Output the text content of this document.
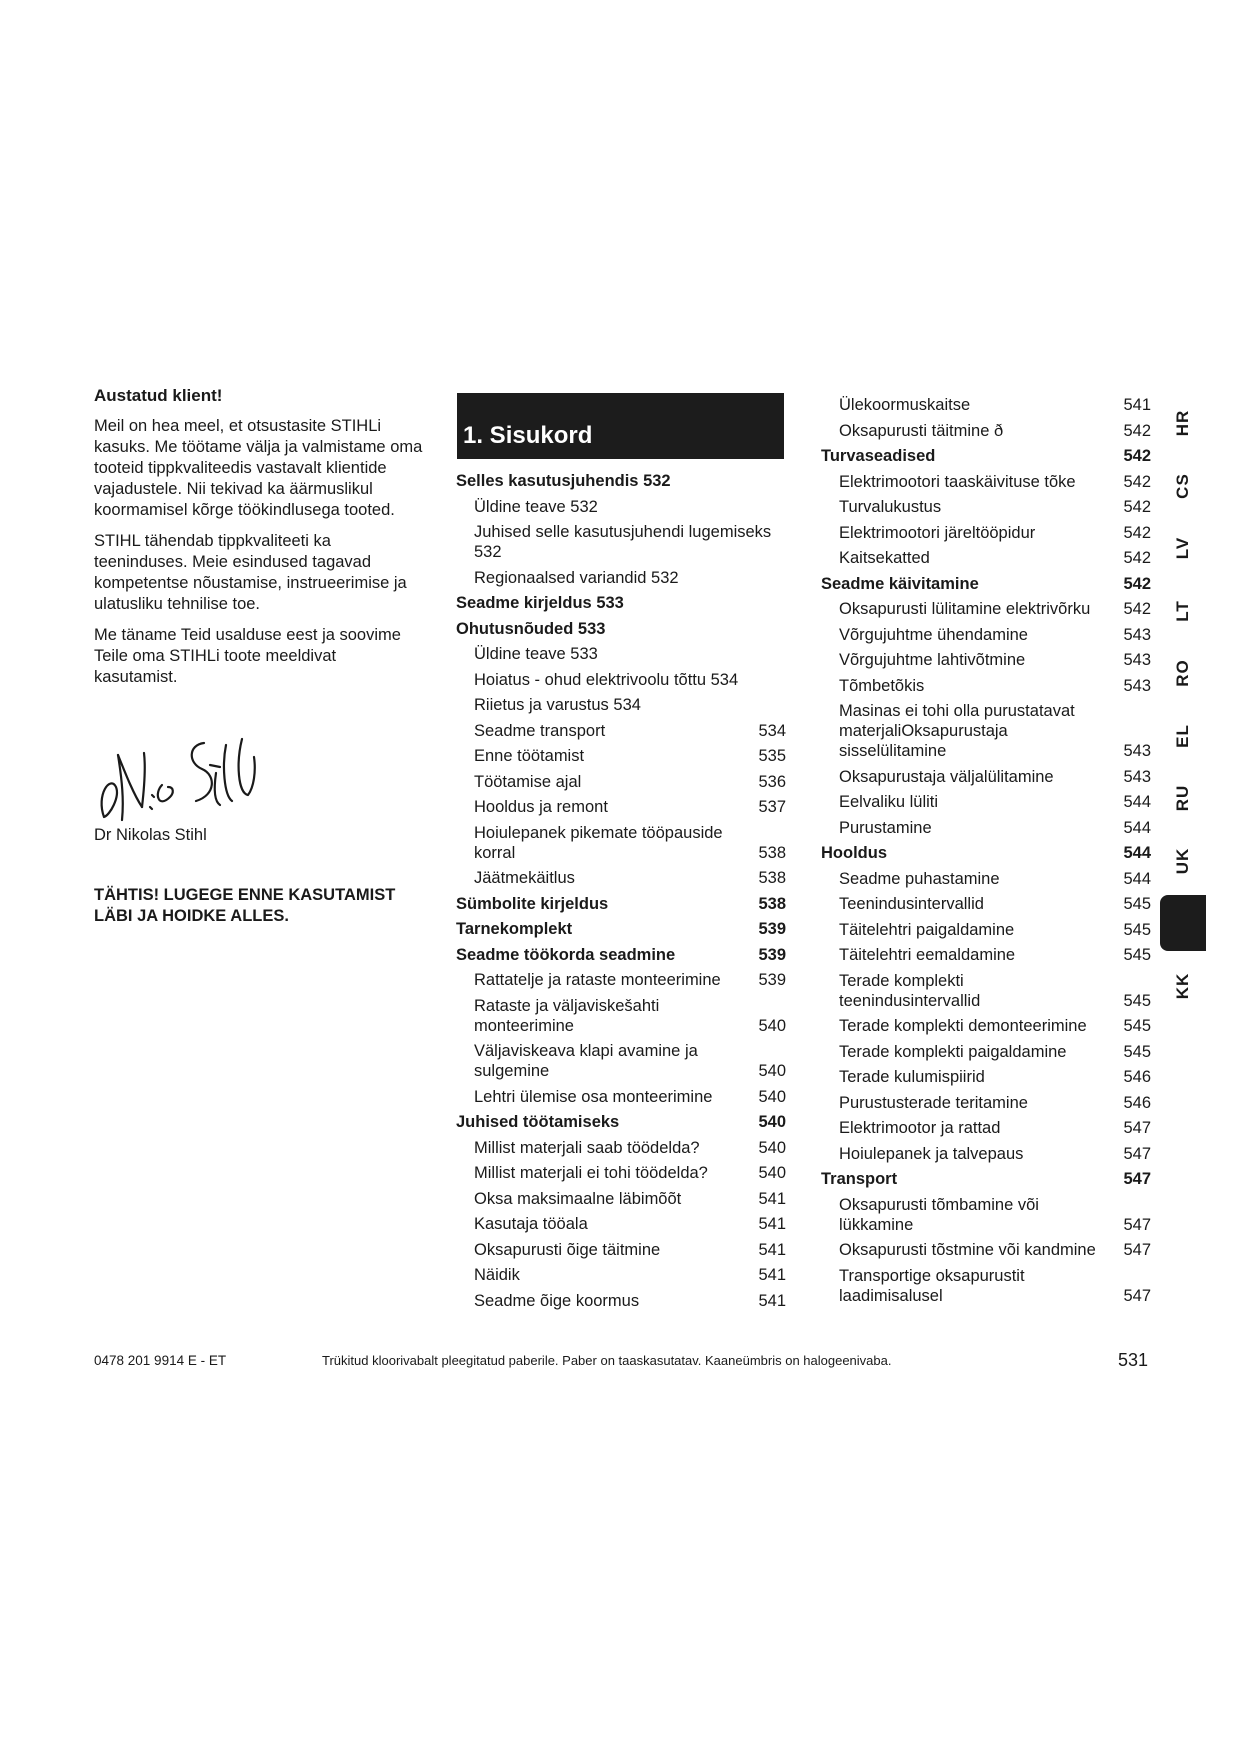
Austatud klient!

Meil on hea meel, et otsustasite STIHLi kasuks. Me töötame välja ja valmistame oma tooteid tippkvaliteedis vastavalt klientide vajadustele. Nii tekivad ka äärmuslikul koormamisel kõrge töökindlusega tooted.

STIHL tähendab tippkvaliteeti ka teeninduses. Meie esindused tagavad kompetentse nõustamise, instrueerimise ja ulatusliku tehnilise toe.

Me täname Teid usalduse eest ja soovime Teile oma STIHLi toote meeldivat kasutamist.

Dr Nikolas Stihl
TÄHTIS! LUGEGE ENNE KASUTAMIST LÄBI JA HOIDKE ALLES.
1. Sisukord
Selles kasutusjuhendis 532
Üldine teave 532
Juhised selle kasutusjuhendi lugemiseks 532
Regionaalsed variandid 532
Seadme kirjeldus 533
Ohutusnõuded 533
Üldine teave 533
Hoiatus - ohud elektrivoolu tõttu 534
Riietus ja varustus 534
Seadme transport	534
Enne töötamist	535
Töötamise ajal	536
Hooldus ja remont	537
Hoiulepanek pikemate tööpauside korral	538
Jäätmekäitlus	538
Sümbolite kirjeldus	538
Tarnekomplekt	539
Seadme töökorda seadmine	539
Rattatelje ja rataste monteerimine	539
Rataste ja väljaviskešahti monteerimine	540
Väljaviskeava klapi avamine ja sulgemine	540
Lehtri ülemise osa monteerimine	540
Juhised töötamiseks	540
Millist materjali saab töödelda?	540
Millist materjali ei tohi töödelda?	540
Oksa maksimaalne läbimõõt	541
Kasutaja tööala	541
Oksapurusti õige täitmine	541
Näidik	541
Seadme õige koormus	541
Ülekoormuskaitse	541
Oksapurusti täitmine ð	542
Turvaseadised	542
Elektrimootori taaskäivituse tõke	542
Turvalukustus	542
Elektrimootori järeltööpidur	542
Kaitsekatted	542
Seadme käivitamine	542
Oksapurusti lülitamine elektrivõrku	542
Võrgujuhtme ühendamine	543
Võrgujuhtme lahtivõtmine	543
Tõmbetõkis	543
Masinas ei tohi olla purustatavat materjaliOksapurustaja sisselülitamine	543
Oksapurustaja väljalülitamine	543
Eelvaliku lüliti	544
Purustamine	544
Hooldus	544
Seadme puhastamine	544
Teenindusintervallid	545
Täitelehtri paigaldamine	545
Täitelehtri eemaldamine	545
Terade komplekti teenindusintervallid	545
Terade komplekti demonteerimine	545
Terade komplekti paigaldamine	545
Terade kulumispiirid	546
Purustusterade teritamine	546
Elektrimootor ja rattad	547
Hoiulepanek ja talvepaus	547
Transport	547
Oksapurusti tõmbamine või lükkamine	547
Oksapurusti tõstmine või kandmine	547
Transportige oksapurustit laadimisalusel	547
HR
CS
LV
LT
RO
EL
RU
UK
KK
0478 201 9914 E - ET	Trükitud kloorivabalt pleegitatud paberile. Paber on taaskasutatav. Kaaneümbris on halogeenivaba.	531
